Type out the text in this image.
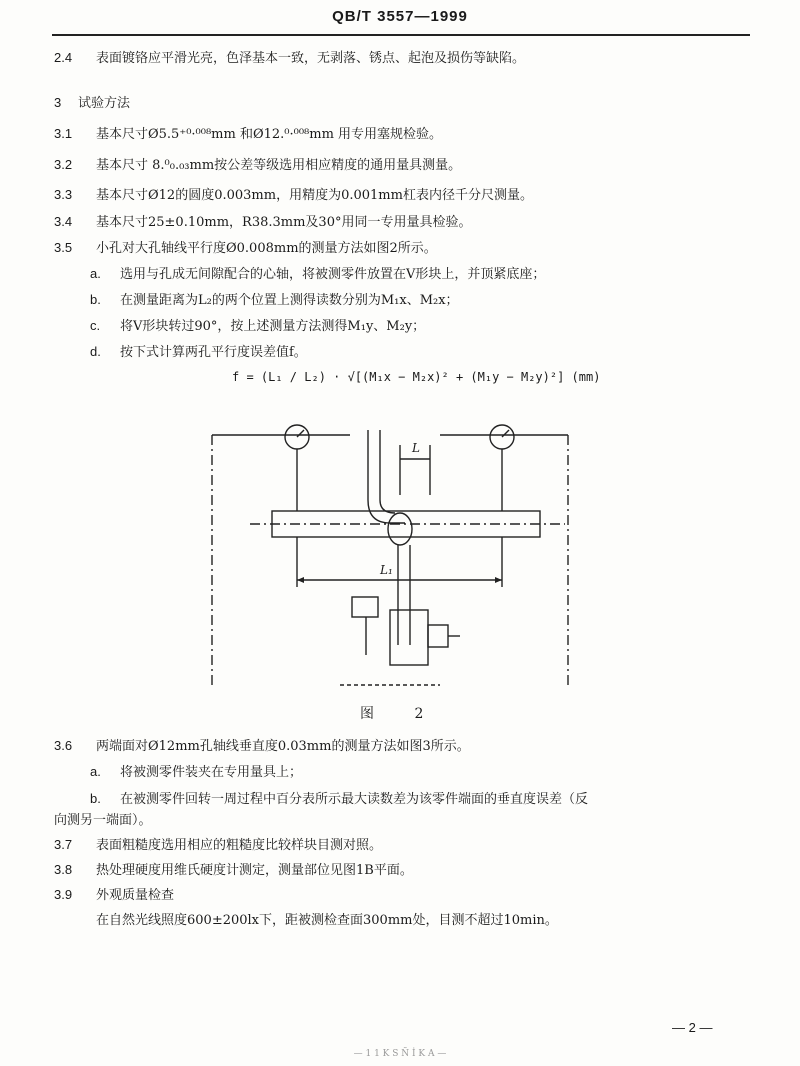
QB/T 3557—1999
2.4 表面镀铬应平滑光亮，色泽基本一致，无剥落、锈点、起泡及损伤等缺陷。
3 试验方法
3.1 基本尺寸Ø5.5⁺⁰·⁰⁰⁸mm 和Ø12.⁰·⁰⁰⁸mm 用专用塞规检验。
3.2 基本尺寸 8.⁰₀.₀₃mm按公差等级选用相应精度的通用量具测量。
3.3 基本尺寸Ø12的圆度0.003mm，用精度为0.001mm杠表内径千分尺测量。
3.4 基本尺寸25±0.10mm，R38.3mm及30°用同一专用量具检验。
3.5 小孔对大孔轴线平行度Ø0.008mm的测量方法如图2所示。
a. 选用与孔成无间隙配合的心轴，将被测零件放置在V形块上，并顶紧底座；
b. 在测量距离为L₂的两个位置上测得读数分别为M₁x、M₂x；
c. 将V形块转过90°，按上述测量方法测得M₁y、M₂y；
d. 按下式计算两孔平行度误差值f。
f = (L₁ / L₂) · √[(M₁x − M₂x)² + (M₁y − M₂y)²] (mm)
L
L₁
图 2
3.6 两端面对Ø12mm孔轴线垂直度0.03mm的测量方法如图3所示。
a. 将被测零件装夹在专用量具上；
b. 在被测零件回转一周过程中百分表所示最大读数差为该零件端面的垂直度误差（反
向测另一端面）。
3.7 表面粗糙度选用相应的粗糙度比较样块目测对照。
3.8 热处理硬度用维氏硬度计测定，测量部位见图1B平面。
3.9 外观质量检查
在自然光线照度600±200lx下，距被测检查面300mm处，目测不超过10min。
— 2 —
— 1 1 K S Ñ İ K A —
